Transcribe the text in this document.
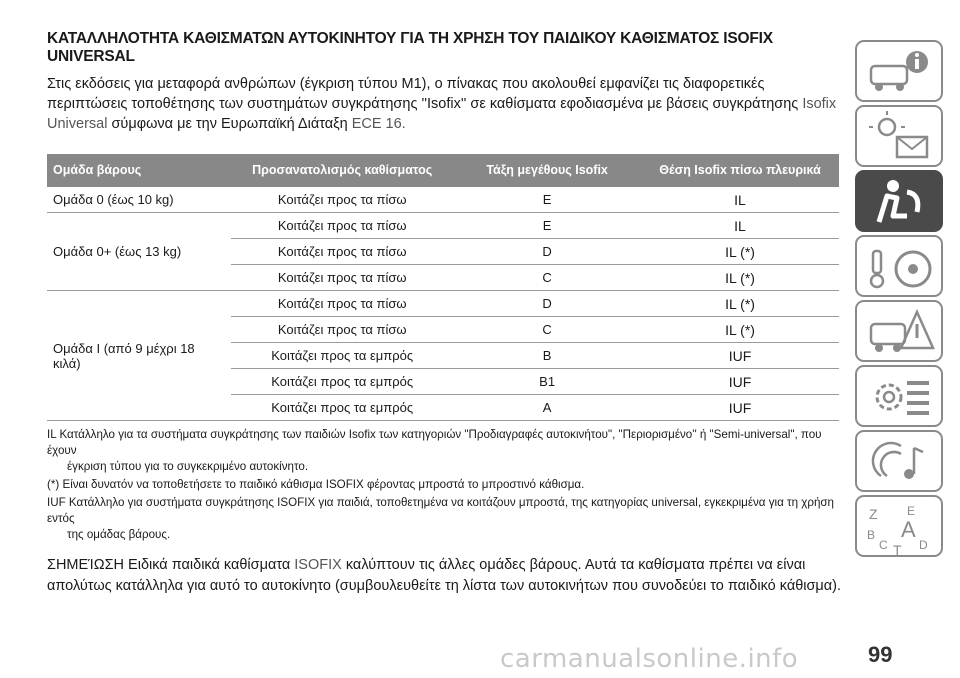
ΚΑΤΑΛΛΗΛΟΤΗΤΑ ΚΑΘΙΣΜΑΤΩΝ ΑΥΤΟΚΙΝΗΤΟΥ ΓΙΑ ΤΗ ΧΡΗΣΗ ΤΟΥ ΠΑΙΔΙΚΟΥ ΚΑΘΙΣΜΑΤΟΣ ISOFIX UNIVERSAL
Στις εκδόσεις για μεταφορά ανθρώπων (έγκριση τύπου M1), ο πίνακας που ακολουθεί εμφανίζει τις διαφορετικές περιπτώσεις τοποθέτησης των συστημάτων συγκράτησης ''Isofix'' σε καθίσματα εφοδιασμένα με βάσεις συγκράτησης Isofix Universal σύμφωνα με την Ευρωπαϊκή Διάταξη ECE 16.
Ομάδα βάρους	Προσανατολισμός καθίσματος	Τάξη μεγέθους Isofix	Θέση Isofix πίσω πλευρικά
Ομάδα 0 (έως 10 kg)	Κοιτάζει προς τα πίσω	E	IL
Ομάδα 0+ (έως 13 kg)	Κοιτάζει προς τα πίσω	E	IL
	Κοιτάζει προς τα πίσω	D	IL (*)
	Κοιτάζει προς τα πίσω	C	IL (*)
Ομάδα I (από 9 μέχρι 18 κιλά)	Κοιτάζει προς τα πίσω	D	IL (*)
	Κοιτάζει προς τα πίσω	C	IL (*)
	Κοιτάζει προς τα εμπρός	B	IUF
	Κοιτάζει προς τα εμπρός	B1	IUF
	Κοιτάζει προς τα εμπρός	A	IUF
IL Κατάλληλο για τα συστήματα συγκράτησης των παιδιών Isofix των κατηγοριών "Προδιαγραφές αυτοκινήτου", "Περιορισμένο'' ή "Semi-universal", που έχουν
έγκριση τύπου για το συγκεκριμένο αυτοκίνητο.
(*) Είναι δυνατόν να τοποθετήσετε το παιδικό κάθισμα ISOFIX φέροντας μπροστά το μπροστινό κάθισμα.
IUF Κατάλληλο για συστήματα συγκράτησης ISOFIX για παιδιά, τοποθετημένα να κοιτάζουν μπροστά, της κατηγορίας universal, εγκεκριμένα για τη χρήση εντός
της ομάδας βάρους.
ΣΗΜΕΊΩΣΗ Ειδικά παιδικά καθίσματα ISOFIX καλύπτουν τις άλλες ομάδες βάρους. Αυτά τα καθίσματα πρέπει να είναι απολύτως κατάλληλα για αυτό το αυτοκίνητο (συμβουλευθείτε τη λίστα των αυτοκινήτων που συνοδεύει το παιδικό κάθισμα).
Z E
B A
C T D
carmanualsonline.info	99
